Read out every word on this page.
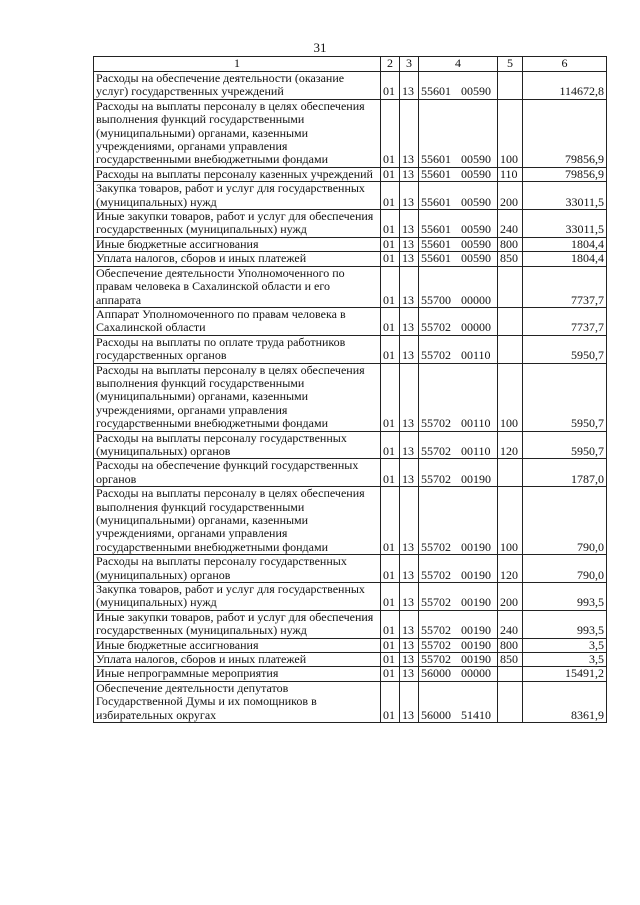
31
1	2	3	4	5	6
Расходы на обеспечение деятельности (оказание услуг) государственных учреждений	01	13	55601 00590		114672,8
Расходы на выплаты персоналу в целях обеспечения выполнения функций государственными (муниципальными) органами, казенными учреждениями, органами управления государственными внебюджетными фондами	01	13	55601 00590	100	79856,9
Расходы на выплаты персоналу казенных учреждений	01	13	55601 00590	110	79856,9
Закупка товаров, работ и услуг для государственных (муниципальных) нужд	01	13	55601 00590	200	33011,5
Иные закупки товаров, работ и услуг для обеспечения государственных (муниципальных) нужд	01	13	55601 00590	240	33011,5
Иные бюджетные ассигнования	01	13	55601 00590	800	1804,4
Уплата налогов, сборов и иных платежей	01	13	55601 00590	850	1804,4
Обеспечение деятельности Уполномоченного по правам человека в Сахалинской области и его аппарата	01	13	55700 00000		7737,7
Аппарат Уполномоченного по правам человека в Сахалинской области	01	13	55702 00000		7737,7
Расходы на выплаты по оплате труда работников государственных органов	01	13	55702 00110		5950,7
Расходы на выплаты персоналу в целях обеспечения выполнения функций государственными (муниципальными) органами, казенными учреждениями, органами управления государственными внебюджетными фондами	01	13	55702 00110	100	5950,7
Расходы на выплаты персоналу государственных (муниципальных) органов	01	13	55702 00110	120	5950,7
Расходы на обеспечение функций государственных органов	01	13	55702 00190		1787,0
Расходы на выплаты персоналу в целях обеспечения выполнения функций государственными (муниципальными) органами, казенными учреждениями, органами управления государственными внебюджетными фондами	01	13	55702 00190	100	790,0
Расходы на выплаты персоналу государственных (муниципальных) органов	01	13	55702 00190	120	790,0
Закупка товаров, работ и услуг для государственных (муниципальных) нужд	01	13	55702 00190	200	993,5
Иные закупки товаров, работ и услуг для обеспечения государственных (муниципальных) нужд	01	13	55702 00190	240	993,5
Иные бюджетные ассигнования	01	13	55702 00190	800	3,5
Уплата налогов, сборов и иных платежей	01	13	55702 00190	850	3,5
Иные непрограммные мероприятия	01	13	56000 00000		15491,2
Обеспечение деятельности депутатов Государственной Думы и их помощников в избирательных округах	01	13	56000 51410		8361,9
